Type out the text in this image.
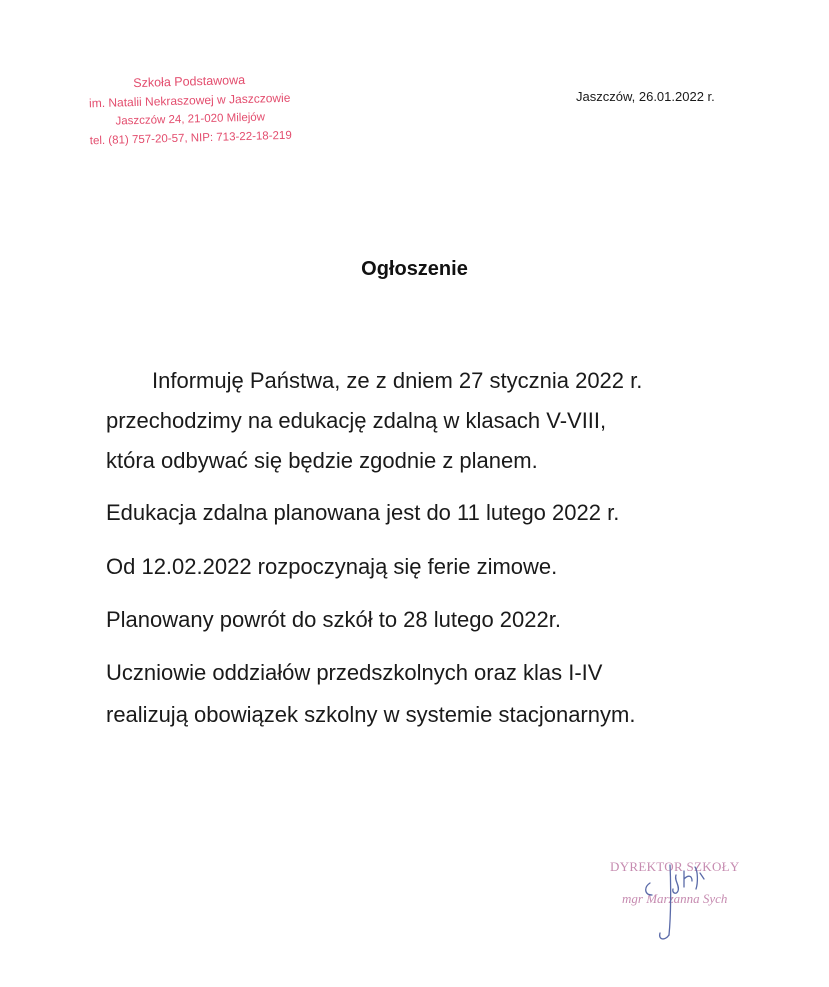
Szkoła Podstawowa
im. Natalii Nekraszowej w Jaszczowie
Jaszczów 24, 21-020 Milejów
tel. (81) 757-20-57, NIP: 713-22-18-219
Jaszczów, 26.01.2022 r.
Ogłoszenie
Informuję Państwa, ze z dniem 27 stycznia 2022 r.
przechodzimy na edukację zdalną w klasach V-VIII,
która odbywać się będzie zgodnie z planem.
Edukacja zdalna planowana jest do 11 lutego 2022 r.
Od 12.02.2022 rozpoczynają się ferie zimowe.
Planowany powrót do szkół to 28 lutego 2022r.
Uczniowie oddziałów przedszkolnych oraz klas I-IV
realizują obowiązek szkolny w systemie stacjonarnym.
DYREKTOR SZKOŁY
mgr Marzanna Sych
